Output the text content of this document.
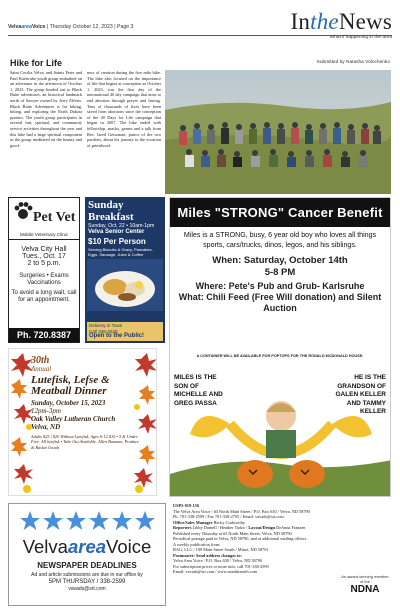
VelvaareaVoice | Thursday October 12, 2023 | Page 3	IntheNews
What's happening in the area
Hike for Life	Submitted by Natasha Volochenko
Saint Cecilia Velva, and Saints Peter and Paul Karlsruhe youth group embarked on an adventure in the afternoon of October 1, 2023. The group headed out to Black Butte adventures, an historical landmark north of Sawyer owned by Jerry Efferts. Black Butte Adventures is for hiking, biking, and exploring the North Dakota prairies. The youth group participates in several fun, spiritual, and community service activities throughout the year and this hike had a large spiritual component as the group meditated on the beauty and good-
ness of creation during the five mile hike. The hike also focused on the importance of life that begins at conception as October 1, 2023, was the first day of the international 40 day campaign that aims to end abortion through prayer and fasting. Tens of thousands of lives have been saved from abortions since the conception of the 40 Days for Life campaign that began in 2007. The hike ended with fellowship, snacks, games and a talk from Rev. Jared Geiszman, pastor of the two parishes, about his journey to the vocation of priesthood.
Pet Vet
Mobile Veterinary Clinic
Velva City Hall
Tues., Oct. 17
2 to 5 p.m.
Surgeries • Exams Vaccinations
To avoid a long wait, call for an appointment.
Ph. 720.8387
Sunday Breakfast
Sunday, Oct. 22 • 10am-1pm
Velva Senior Center
$10 Per Person
Serving Biscuits & Gravy, Pancakes, Eggs, Sausage, Juice & Coffee
Delivery in Town
Call 338-2628
Open to the Public!
Miles "STRONG" Cancer Benefit
Miles is a STRONG, busy, 6 year old boy who loves all things sports, cars/trucks, dinos, legos, and his siblings.
When: Saturday, October 14th
5-8 PM
Where: Pete's Pub and Grub- Karlsruhe
What: Chili Feed (Free Will donation) and Silent Auction
A CONTAINER WILL BE AVAILABLE FOR POPTOPS FOR THE RONALD MCDONALD HOUSE.
MILES IS THE SON OF MICHELLE AND GREG PASSA
HE IS THE GRANDSON OF GALEN KELLER AND TAMMY KELLER
30th
Annual
Lutefisk, Lefse & Meatball Dinner
Sunday, October 15, 2023
12pm-3pm
Oak Valley Lutheran Church
Velva, ND
Adults $25 | $20 Without Lutefisk, Ages 6-12 $10 • 5 & Under Free. All lutefisk • Take Out Available. Allen Bauman, Produce & Basket Goods
VelvaareaVoice
NEWSPAPER DEADLINES
Ad and article submissions are due in our office by
5PM THURSDAY / 338-2599
vavads@srt.com
USPS 019-156
The Velva Area Voice / #3 North Main Street / P.O. Box 630 / Velva, ND 58790
Ph. 701-338-2599 / Fax 701-338-2705 / Email: vavads@srt.com
Office/Sales Manager Becky Cudworthy
Reporters Libby Darnell / Heather Tudor / Layout/Design DeAnna Franzen
Published every Thursday at #3 North Main Street, Velva, ND 58790
Periodical postage paid in Velva, ND 58790, and at additional mailing offices.
A weekly publication from:
BAG, LLC / 109 Main Street South / Minot, ND 58701
Postmaster: Send address changes to:
Velva Area Voice / P.O. Box 630 / Velva, ND 58790
For subscription prices or more info, call 701-338-2599
Email: vavads@srt.com / www.nordaknorth.com
An award-winning member of the
NDNA
